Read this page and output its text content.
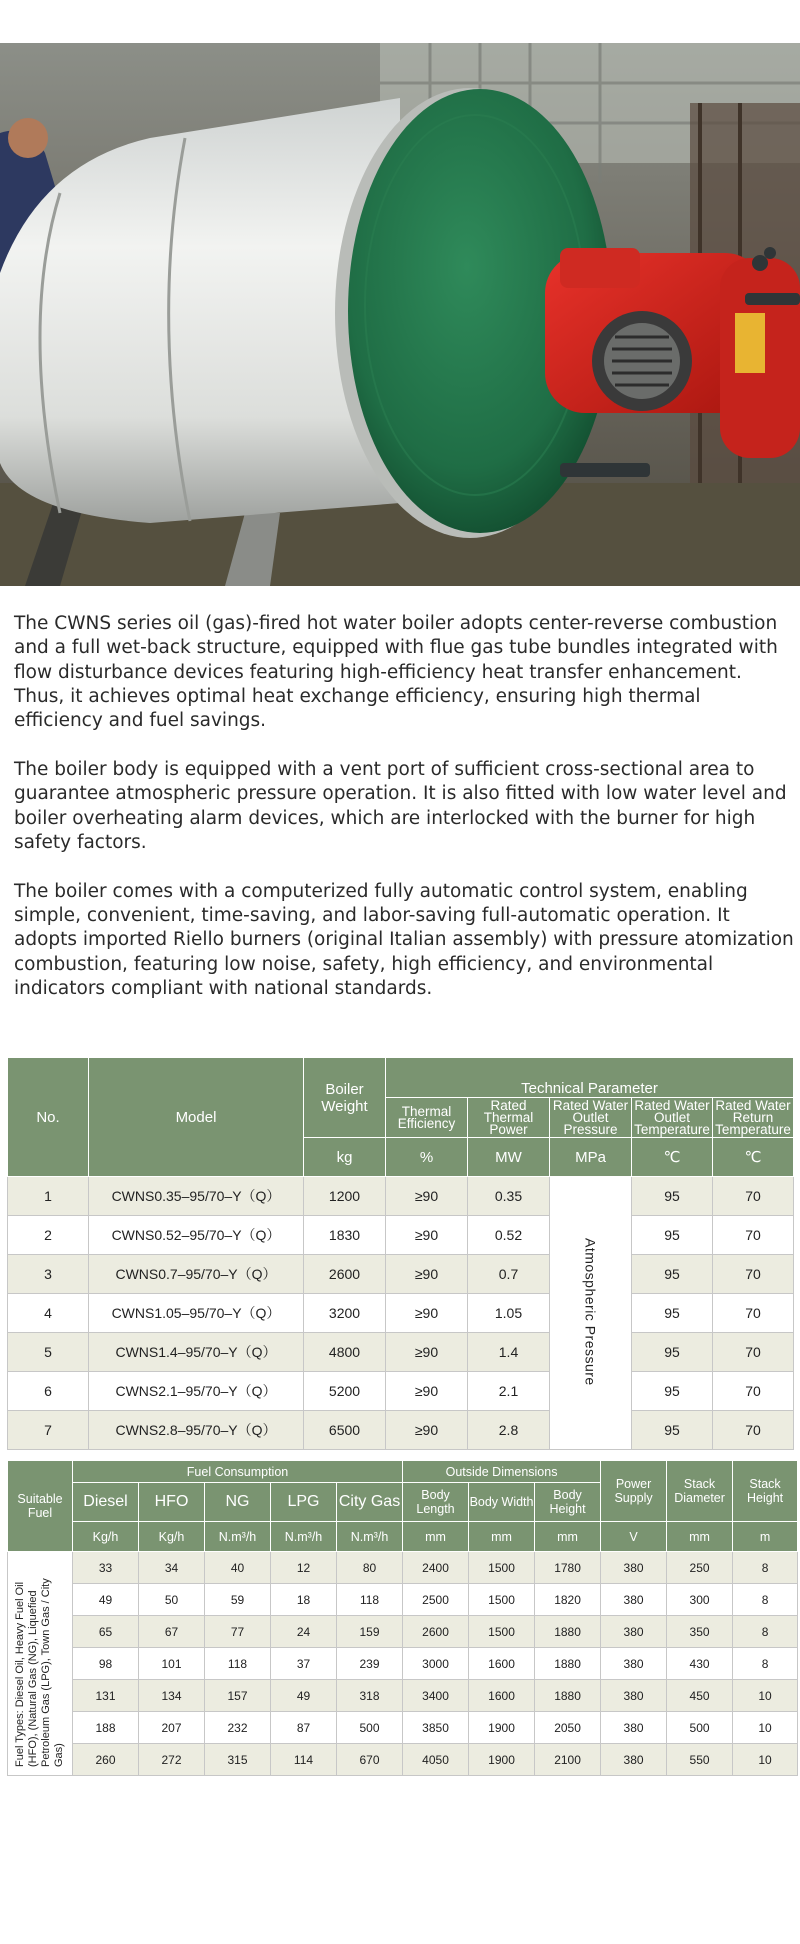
The CWNS series oil (gas)-fired hot water boiler adopts center-reverse combustion and a full wet-back structure, equipped with flue gas tube bundles integrated with flow disturbance devices featuring high-efficiency heat transfer enhancement. Thus, it achieves optimal heat exchange efficiency, ensuring high thermal efficiency and fuel savings.

The boiler body is equipped with a vent port of sufficient cross-sectional area to guarantee atmospheric pressure operation. It is also fitted with low water level and boiler overheating alarm devices, which are interlocked with the burner for high safety factors.

The boiler comes with a computerized fully automatic control system, enabling simple, convenient, time-saving, and labor-saving full-automatic operation. It adopts imported Riello burners (original Italian assembly) with pressure atomization combustion, featuring low noise, safety, high efficiency, and environmental indicators compliant with national standards.

No.	Model	Boiler Weight	Technical Parameter				
			Thermal Efficiency	Rated Thermal Power	Rated Water Outlet Pressure	Rated Water Outlet Temperature	Rated Water Return Temperature
		kg	%	MW	MPa	℃	℃
1	CWNS0.35–95/70–Y（Q）	1200	≥90	0.35	Atmospheric Pressure	95	70
2	CWNS0.52–95/70–Y（Q）	1830	≥90	0.52		95	70
3	CWNS0.7–95/70–Y（Q）	2600	≥90	0.7		95	70
4	CWNS1.05–95/70–Y（Q）	3200	≥90	1.05		95	70
5	CWNS1.4–95/70–Y（Q）	4800	≥90	1.4		95	70
6	CWNS2.1–95/70–Y（Q）	5200	≥90	2.1		95	70
7	CWNS2.8–95/70–Y（Q）	6500	≥90	2.8		95	70
Suitable Fuel	Fuel Consumption					Outside Dimensions			Power Supply	Stack Diameter	Stack Height
	Diesel	HFO	NG	LPG	City Gas	Body Length	Body Width	Body Height			
	Kg/h	Kg/h	N.m³/h	N.m³/h	N.m³/h	mm	mm	mm	V	mm	m
Fuel Types: Diesel Oil, Heavy Fuel Oil (HFO), (Natural Gas (NG), Liquefied Petroleum Gas (LPG), Town Gas / City Gas)	33	34	40	12	80	2400	1500	1780	380	250	8
	49	50	59	18	118	2500	1500	1820	380	300	8
	65	67	77	24	159	2600	1500	1880	380	350	8
	98	101	118	37	239	3000	1600	1880	380	430	8
	131	134	157	49	318	3400	1600	1880	380	450	10
	188	207	232	87	500	3850	1900	2050	380	500	10
	260	272	315	114	670	4050	1900	2100	380	550	10
